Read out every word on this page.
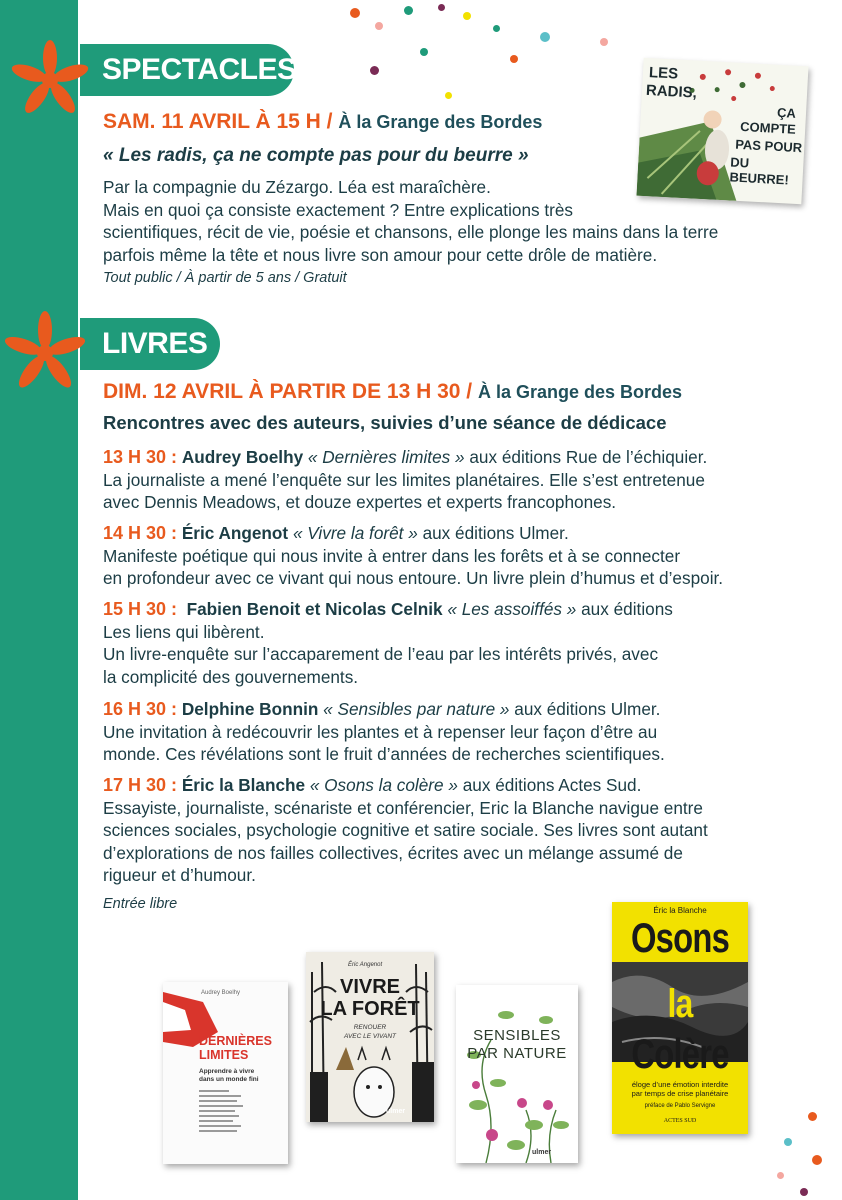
SPECTACLES
SAM. 11 AVRIL À 15 H / À la Grange des Bordes
« Les radis, ça ne compte pas pour du beurre »
Par la compagnie du Zézargo. Léa est maraîchère.
Mais en quoi ça consiste exactement ? Entre explications très
scientifiques, récit de vie, poésie et chansons, elle plonge les mains dans la terre
parfois même la tête et nous livre son amour pour cette drôle de matière.
Tout public / À partir de 5 ans / Gratuit
LES
RADIS,
ÇA
COMPTE
PAS POUR
DU BEURRE!
LIVRES
DIM. 12 AVRIL À PARTIR DE 13 H 30 / À la Grange des Bordes
Rencontres avec des auteurs, suivies d’une séance de dédicace
13 H 30 : Audrey Boelhy « Dernières limites » aux éditions Rue de l’échiquier.
La journaliste a mené l’enquête sur les limites planétaires. Elle s’est entretenue
avec Dennis Meadows, et douze expertes et experts francophones.
14 H 30 : Éric Angenot « Vivre la forêt » aux éditions Ulmer.
Manifeste poétique qui nous invite à entrer dans les forêts et à se connecter
en profondeur avec ce vivant qui nous entoure. Un livre plein d’humus et d’espoir.
15 H 30 : Fabien Benoit et Nicolas Celnik « Les assoiffés » aux éditions
Les liens qui libèrent.
Un livre-enquête sur l’accaparement de l’eau par les intérêts privés, avec
la complicité des gouvernements.
16 H 30 : Delphine Bonnin « Sensibles par nature » aux éditions Ulmer.
Une invitation à redécouvrir les plantes et à repenser leur façon d’être au
monde. Ces révélations sont le fruit d’années de recherches scientifiques.
17 H 30 : Éric la Blanche « Osons la colère » aux éditions Actes Sud.
Essayiste, journaliste, scénariste et conférencier, Eric la Blanche navigue entre
sciences sociales, psychologie cognitive et satire sociale. Ses livres sont autant
d’explorations de nos failles collectives, écrites avec un mélange assumé de
rigueur et d’humour.
Entrée libre
Audrey Boelhy
DERNIÈRES
LIMITES
Apprendre à vivre
dans un monde fini
Éric Angenot
VIVRE
LA FORÊT
RENOUER
AVEC LE VIVANT
ulmer
SENSIBLES
PAR NATURE
ulmer
Éric la Blanche
Osons
la
Colère
éloge d’une émotion interdite
par temps de crise planétaire
préface de Pablo Servigne
ACTES SUD
